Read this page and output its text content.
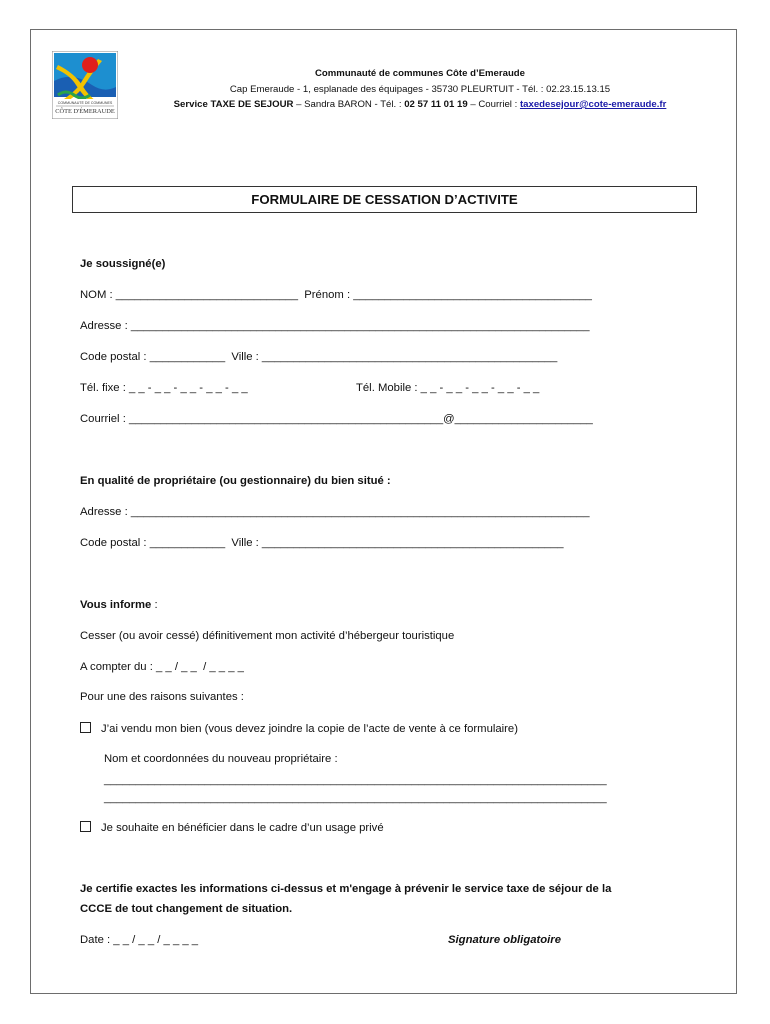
COMMUNAUTÉ DE COMMUNES
CÔTE D'ÉMERAUDE
Communauté de communes Côte d’Emeraude
Cap Emeraude - 1, esplanade des équipages - 35730 PLEURTUIT - Tél. : 02.23.15.13.15
Service TAXE DE SEJOUR – Sandra BARON - Tél. : 02 57 11 01 19 – Courriel : taxedesejour@cote-emeraude.fr
FORMULAIRE DE CESSATION D’ACTIVITE
Je soussigné(e)
NOM : _____________________________  Prénom : ______________________________________
Adresse : _________________________________________________________________________
Code postal : ____________  Ville : _______________________________________________
Tél. fixe : _ _ - _ _ - _ _ - _ _ - _ _	Tél. Mobile : _ _ - _ _ - _ _ - _ _ - _ _
Courriel : __________________________________________________@______________________
En qualité de propriétaire (ou gestionnaire) du bien situé :
Adresse : _________________________________________________________________________
Code postal : ____________  Ville : ________________________________________________
Vous informe :
Cesser (ou avoir cessé) définitivement mon activité d’hébergeur touristique
A compter du : _ _ / _ _  / _ _ _ _
Pour une des raisons suivantes :
J’ai vendu mon bien (vous devez joindre la copie de l’acte de vente à ce formulaire)
Nom et coordonnées du nouveau propriétaire :
________________________________________________________________________________
________________________________________________________________________________
Je souhaite en bénéficier dans le cadre d’un usage privé
Je certifie exactes les informations ci-dessus et m'engage à prévenir le service taxe de séjour de la
CCCE de tout changement de situation.
Date : _ _ / _ _ / _ _ _ _	Signature obligatoire
